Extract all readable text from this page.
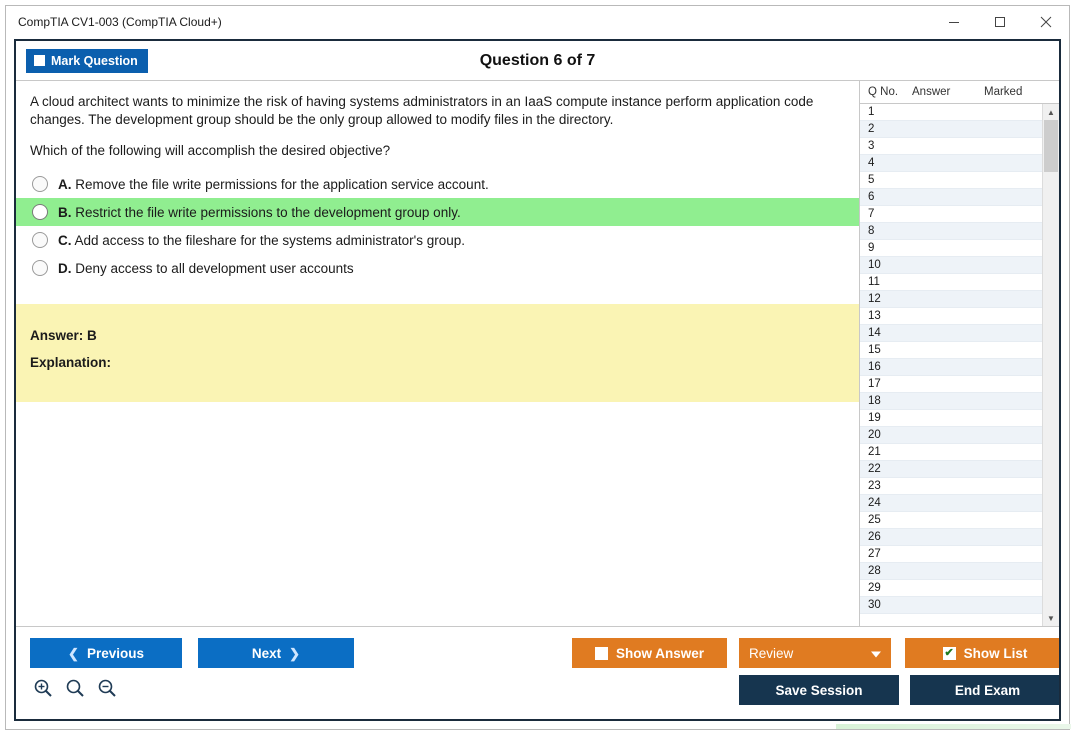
CompTIA CV1-003 (CompTIA Cloud+)
Mark Question	Question 6 of 7
A cloud architect wants to minimize the risk of having systems administrators in an IaaS compute instance perform application code changes. The development group should be the only group allowed to modify files in the directory.
Which of the following will accomplish the desired objective?
A. Remove the file write permissions for the application service account.
B. Restrict the file write permissions to the development group only.
C. Add access to the fileshare for the systems administrator's group.
D. Deny access to all development user accounts
Answer: B
Explanation:
Q No.	Answer	Marked
1
2
3
4
5
6
7
8
9
10
11
12
13
14
15
16
17
18
19
20
21
22
23
24
25
26
27
28
29
30
▲
▼
❮ Previous	Next ❯	Show Answer	Review	✔ Show List
Save Session	End Exam
